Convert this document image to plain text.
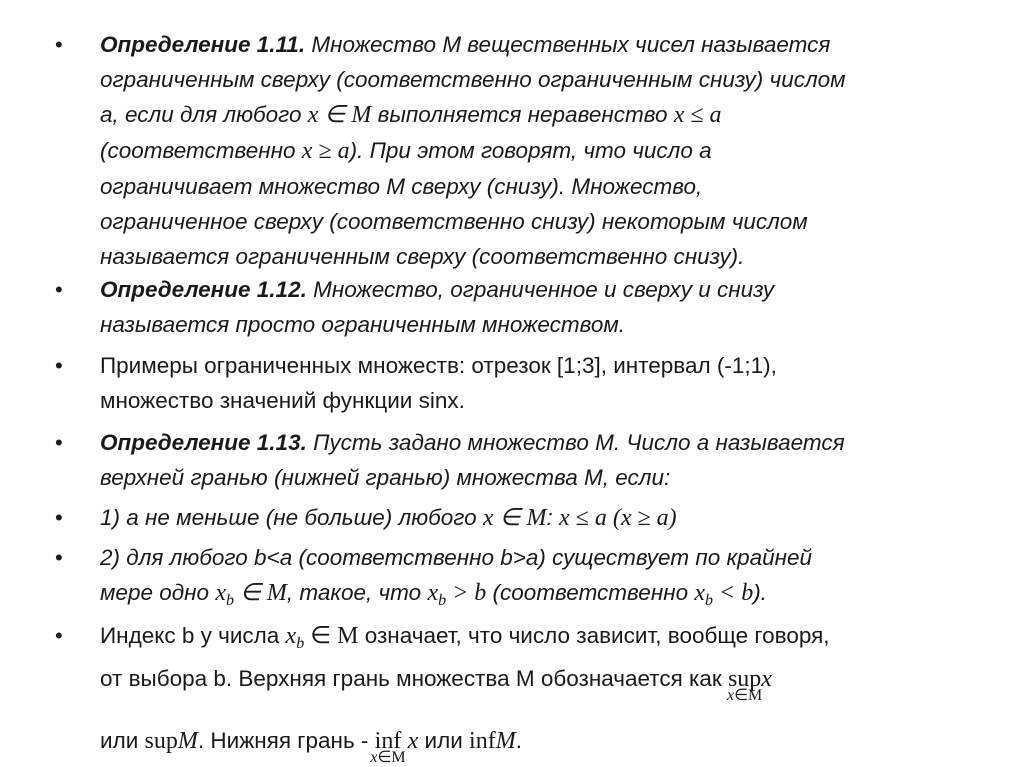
• Определение 1.11. Множество М вещественных чисел называется
ограниченным сверху (соответственно ограниченным снизу) числом
а, если для любого x ∈ M выполняется неравенство x ≤ a
(соответственно x ≥ a). При этом говорят, что число а
ограничивает множество М сверху (снизу). Множество,
ограниченное сверху (соответственно снизу) некоторым числом
называется ограниченным сверху (соответственно снизу).
• Определение 1.12. Множество, ограниченное и сверху и снизу
называется просто ограниченным множеством.
• Примеры ограниченных множеств: отрезок [1;3], интервал (-1;1),
множество значений функции sinx.
• Определение 1.13. Пусть задано множество М. Число а называется
верхней гранью (нижней гранью) множества М, если:
• 1) а не меньше (не больше) любого x ∈ M: x ≤ a (x ≥ a)
• 2) для любого b<a (соответственно b>a) существует по крайней
мере одно $x_b$ ∈ M, такое, что $x_b > b$ (соответственно $x_b < b$).
• Индекс b у числа $x_b$ ∈ M означает, что число зависит, вообще говоря,
от выбора b. Верхняя грань множества М обозначается как sup
x∈M
x
или supM. Нижняя грань - inf
x∈M
x или infM.
